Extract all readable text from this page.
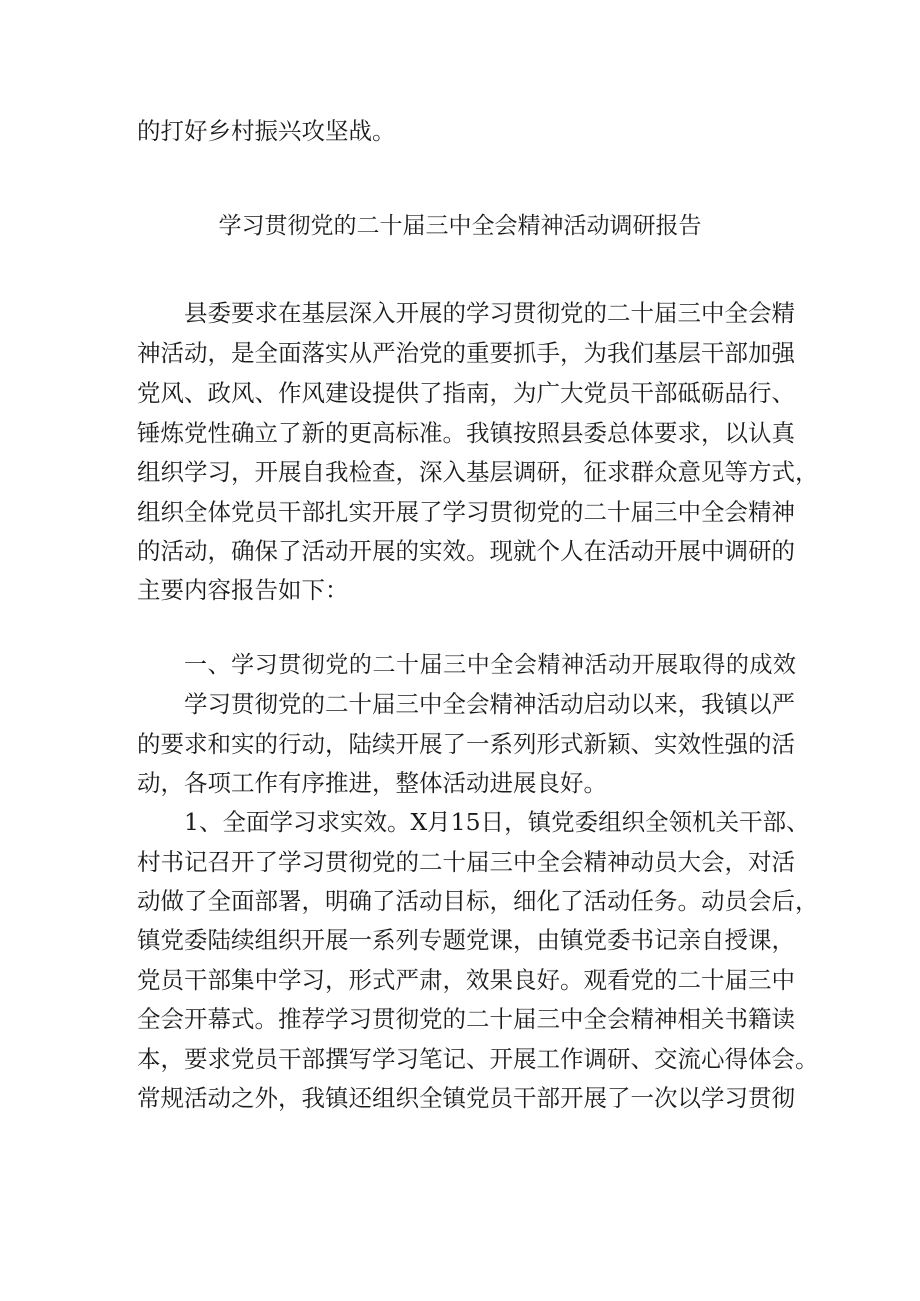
的打好乡村振兴攻坚战。
学习贯彻党的二十届三中全会精神活动调研报告
县委要求在基层深入开展的学习贯彻党的二十届三中全会精
神活动，是全面落实从严治党的重要抓手，为我们基层干部加强
党风、政风、作风建设提供了指南，为广大党员干部砥砺品行、
锤炼党性确立了新的更高标准。我镇按照县委总体要求，以认真
组织学习，开展自我检查，深入基层调研，征求群众意见等方式，
组织全体党员干部扎实开展了学习贯彻党的二十届三中全会精神
的活动，确保了活动开展的实效。现就个人在活动开展中调研的
主要内容报告如下：
一、学习贯彻党的二十届三中全会精神活动开展取得的成效
学习贯彻党的二十届三中全会精神活动启动以来，我镇以严
的要求和实的行动，陆续开展了一系列形式新颖、实效性强的活
动，各项工作有序推进，整体活动进展良好。
1、全面学习求实效。X月15日，镇党委组织全领机关干部、
村书记召开了学习贯彻党的二十届三中全会精神动员大会，对活
动做了全面部署，明确了活动目标，细化了活动任务。动员会后，
镇党委陆续组织开展一系列专题党课，由镇党委书记亲自授课，
党员干部集中学习，形式严肃，效果良好。观看党的二十届三中
全会开幕式。推荐学习贯彻党的二十届三中全会精神相关书籍读
本，要求党员干部撰写学习笔记、开展工作调研、交流心得体会。
常规活动之外，我镇还组织全镇党员干部开展了一次以学习贯彻
